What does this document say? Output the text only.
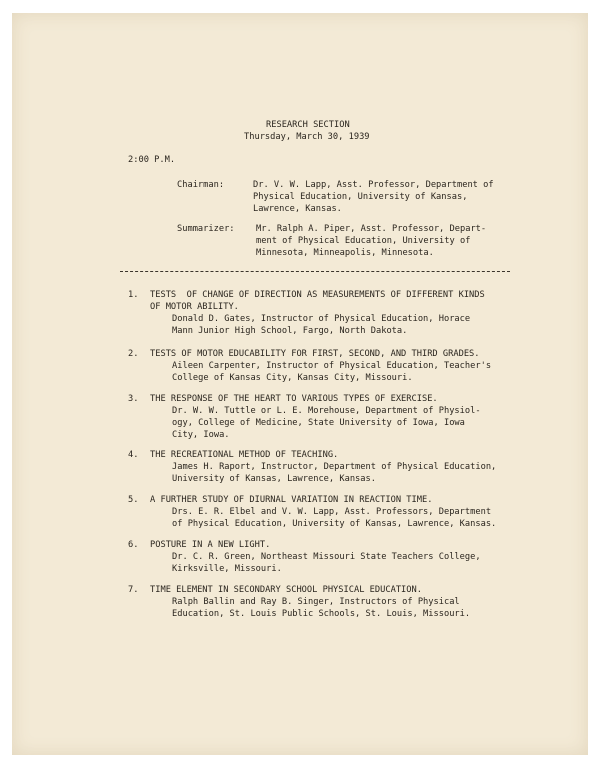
RESEARCH SECTION
Thursday, March 30, 1939
2:00 P.M.
Chairman:	Dr. V. W. Lapp, Asst. Professor, Department of
Physical Education, University of Kansas,
Lawrence, Kansas.
Summarizer: Mr. Ralph A. Piper, Asst. Professor, Depart-
ment of Physical Education, University of
Minnesota, Minneapolis, Minnesota.
1. TESTS  OF CHANGE OF DIRECTION AS MEASUREMENTS OF DIFFERENT KINDS
OF MOTOR ABILITY.
Donald D. Gates, Instructor of Physical Education, Horace
Mann Junior High School, Fargo, North Dakota.
2. TESTS OF MOTOR EDUCABILITY FOR FIRST, SECOND, AND THIRD GRADES.
Aileen Carpenter, Instructor of Physical Education, Teacher's
College of Kansas City, Kansas City, Missouri.
3. THE RESPONSE OF THE HEART TO VARIOUS TYPES OF EXERCISE.
Dr. W. W. Tuttle or L. E. Morehouse, Department of Physiol-
ogy, College of Medicine, State University of Iowa, Iowa
City, Iowa.
4. THE RECREATIONAL METHOD OF TEACHING.
James H. Raport, Instructor, Department of Physical Education,
University of Kansas, Lawrence, Kansas.
5. A FURTHER STUDY OF DIURNAL VARIATION IN REACTION TIME.
Drs. E. R. Elbel and V. W. Lapp, Asst. Professors, Department
of Physical Education, University of Kansas, Lawrence, Kansas.
6. POSTURE IN A NEW LIGHT.
Dr. C. R. Green, Northeast Missouri State Teachers College,
Kirksville, Missouri.
7. TIME ELEMENT IN SECONDARY SCHOOL PHYSICAL EDUCATION.
Ralph Ballin and Ray B. Singer, Instructors of Physical
Education, St. Louis Public Schools, St. Louis, Missouri.
